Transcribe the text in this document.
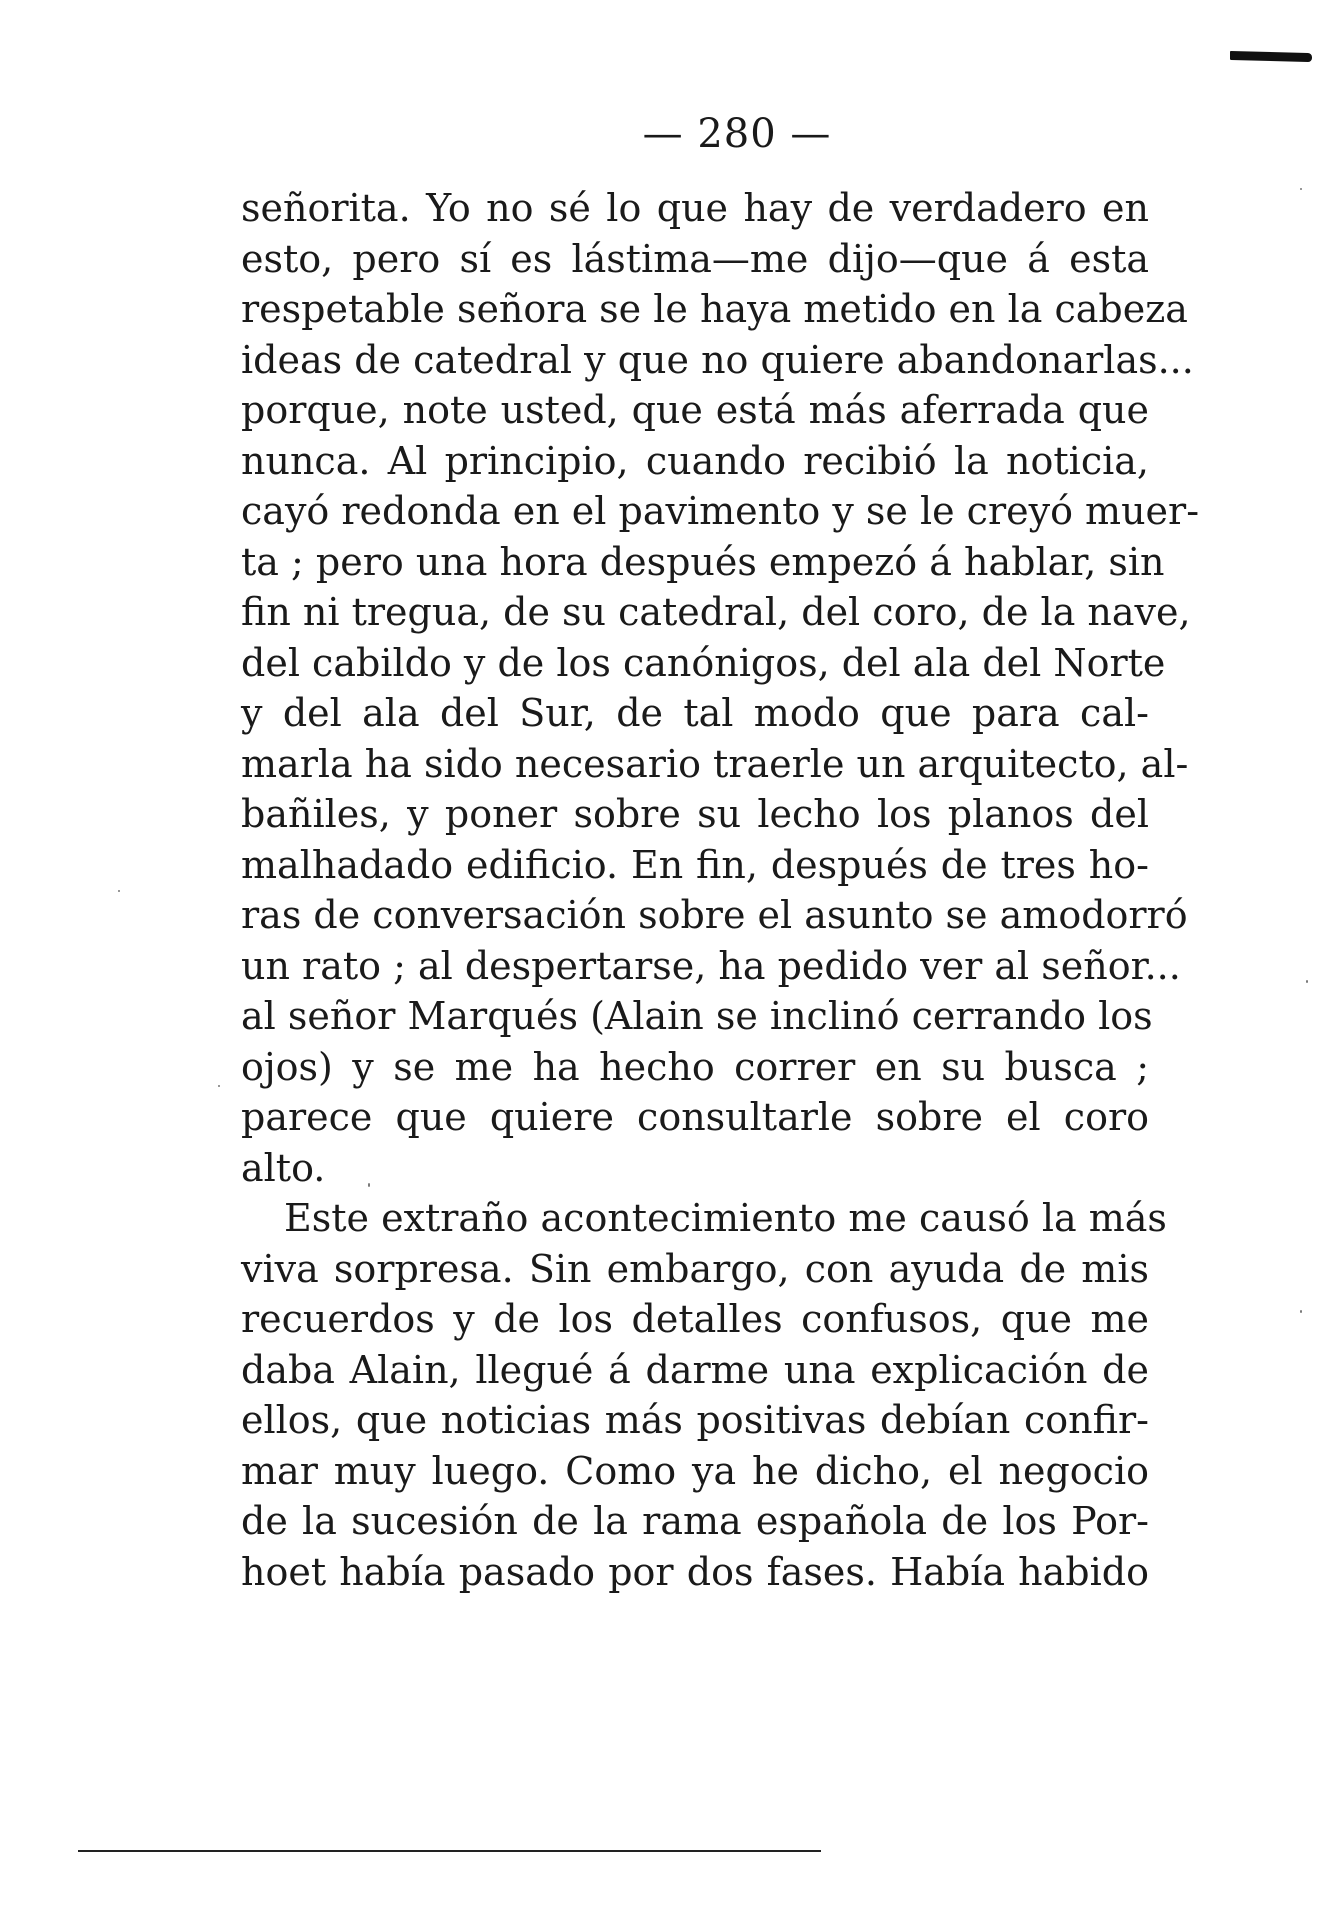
— 280 —
señorita. Yo no sé lo que hay de verdadero en
esto, pero sí es lástima—me dijo—que á esta
respetable señora se le haya metido en la cabeza
ideas de catedral y que no quiere abandonarlas...
porque, note usted, que está más aferrada que
nunca. Al principio, cuando recibió la noticia,
cayó redonda en el pavimento y se le creyó muer-
ta ; pero una hora después empezó á hablar, sin
fin ni tregua, de su catedral, del coro, de la nave,
del cabildo y de los canónigos, del ala del Norte
y del ala del Sur, de tal modo que para cal-
marla ha sido necesario traerle un arquitecto, al-
bañiles, y poner sobre su lecho los planos del
malhadado edificio. En fin, después de tres ho-
ras de conversación sobre el asunto se amodorró
un rato ; al despertarse, ha pedido ver al señor...
al señor Marqués (Alain se inclinó cerrando los
ojos) y se me ha hecho correr en su busca ;
parece que quiere consultarle sobre el coro
alto.
Este extraño acontecimiento me causó la más
viva sorpresa. Sin embargo, con ayuda de mis
recuerdos y de los detalles confusos, que me
daba Alain, llegué á darme una explicación de
ellos, que noticias más positivas debían confir-
mar muy luego. Como ya he dicho, el negocio
de la sucesión de la rama española de los Por-
hoet había pasado por dos fases. Había habido
